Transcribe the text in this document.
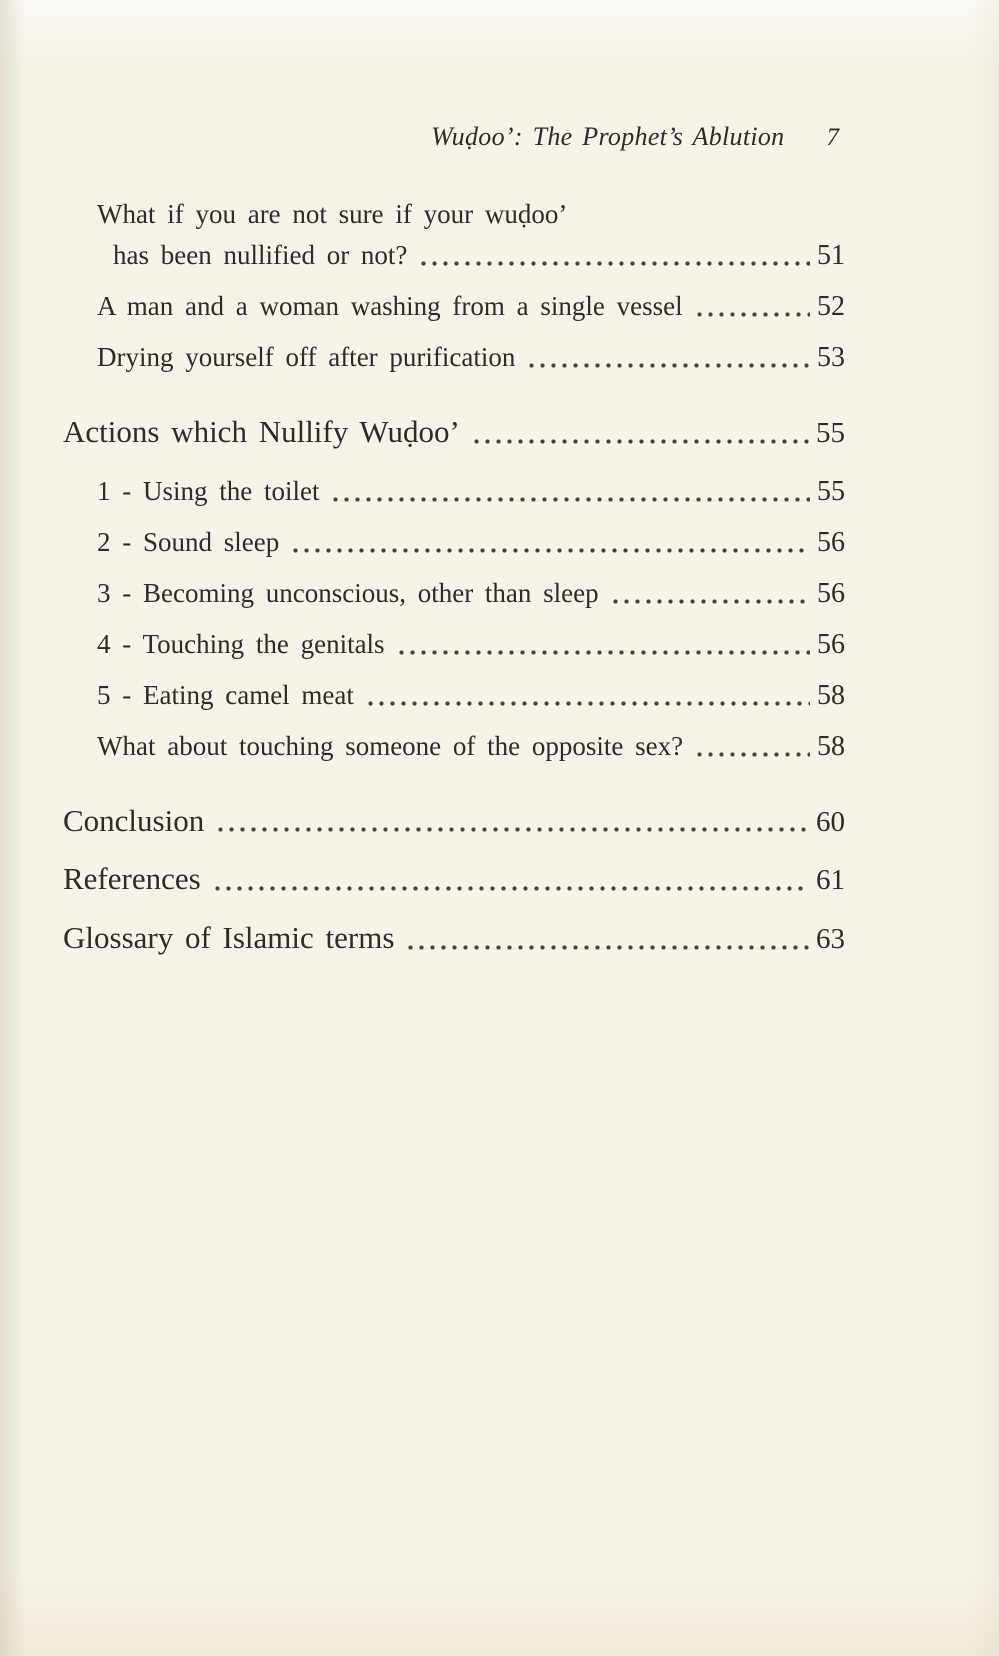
Wuḍoo’: The Prophet’s Ablution 7
What if you are not sure if your wuḍoo’
has been nullified or not?	51
A man and a woman washing from a single vessel	52
Drying yourself off after purification	53
Actions which Nullify Wuḍoo’	55
1 - Using the toilet	55
2 - Sound sleep	56
3 - Becoming unconscious, other than sleep	56
4 - Touching the genitals	56
5 - Eating camel meat	58
What about touching someone of the opposite sex?	58
Conclusion	60
References	61
Glossary of Islamic terms	63
